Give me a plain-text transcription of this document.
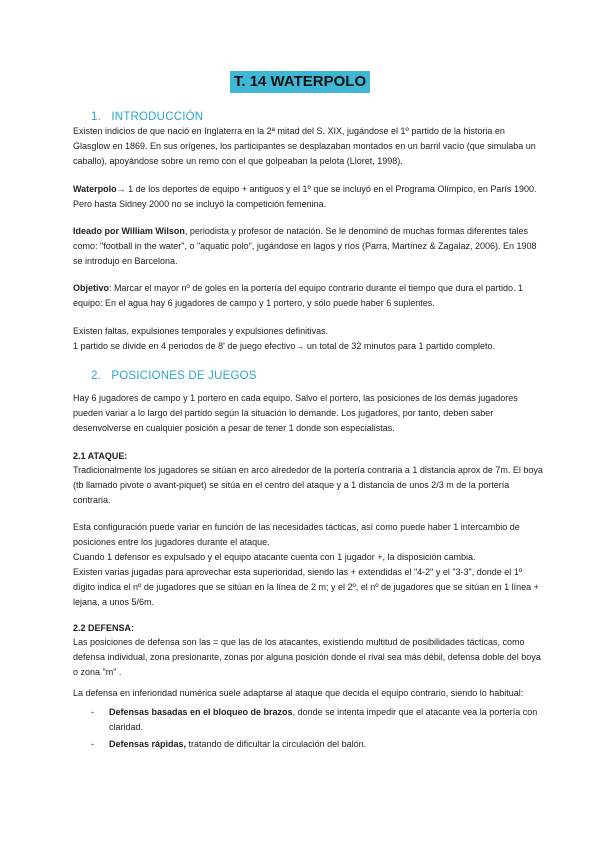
T. 14 WATERPOLO
1. INTRODUCCIÓN

Existen indicios de que nació en Inglaterra en la 2ª mitad del S. XIX, jugándose el 1º partido de la historia en Glasglow en 1869. En sus orígenes, los participantes se desplazaban montados en un barril vacío (que simulaba un caballo), apoyándose sobre un remo con el que golpeaban la pelota (Lloret, 1998).

Waterpolo→ 1 de los deportes de equipo + antiguos y el 1º que se incluyó en el Programa Olímpico, en París 1900. Pero hasta Sidney 2000 no se incluyó la competición femenina.

Ideado por William Wilson, periodista y profesor de natación. Se le denominó de muchas formas diferentes tales como: "football in the water", o "aquatic polo", jugándose en lagos y ríos (Parra, Martínez & Zagalaz, 2006). En 1908 se introdujo en Barcelona.

Objetivo: Marcar el mayor nº de goles en la portería del equipo contrario durante el tiempo que dura el partido. 1 equipo: En el agua hay 6 jugadores de campo y 1 portero, y sólo puede haber 6 suplentes.

Existen faltas, expulsiones temporales y expulsiones definitivas.
1 partido se divide en 4 periodos de 8' de juego efectivo→ un total de 32 minutos para 1 partido completo.

2. POSICIONES DE JUEGOS

Hay 6 jugadores de campo y 1 portero en cada equipo. Salvo el portero, las posiciones de los demás jugadores pueden variar a lo largo del partido según la situación lo demande. Los jugadores, por tanto, deben saber desenvolverse en cualquier posición a pesar de tener 1 donde son especialistas.

2.1 ATAQUE:

Tradicionalmente los jugadores se sitúan en arco alrededor de la portería contraria a 1 distancia aprox de 7m. El boya (tb llamado pivote o avant-piquet) se sitúa en el centro del ataque y a 1 distancia de unos 2/3 m de la portería contraria.

Esta configuración puede variar en función de las necesidades tácticas, así como puede haber 1 intercambio de posiciones entre los jugadores durante el ataque.
Cuando 1 defensor es expulsado y el equipo atacante cuenta con 1 jugador +, la disposición cambia.
Existen varias jugadas para aprovechar esta superioridad, siendo las + extendidas el "4-2" y el "3-3", donde el 1º dígito indica el nº de jugadores que se sitúan en la línea de 2 m; y el 2º, el nº de jugadores que se sitúan en 1 línea + lejana, a unos 5/6m.

2.2 DEFENSA:

Las posiciones de defensa son las = que las de los atacantes, existiendo multitud de posibilidades tácticas, como defensa individual, zona presionante, zonas por alguna posición donde el rival sea más débil, defensa doble del boya o zona "m" .

La defensa en inferioridad numérica suele adaptarse al ataque que decida el equipo contrario, siendo lo habitual:

- Defensas basadas en el bloqueo de brazos, donde se intenta impedir que el atacante vea la portería con claridad.
- Defensas rápidas, tratando de dificultar la circulación del balón.
